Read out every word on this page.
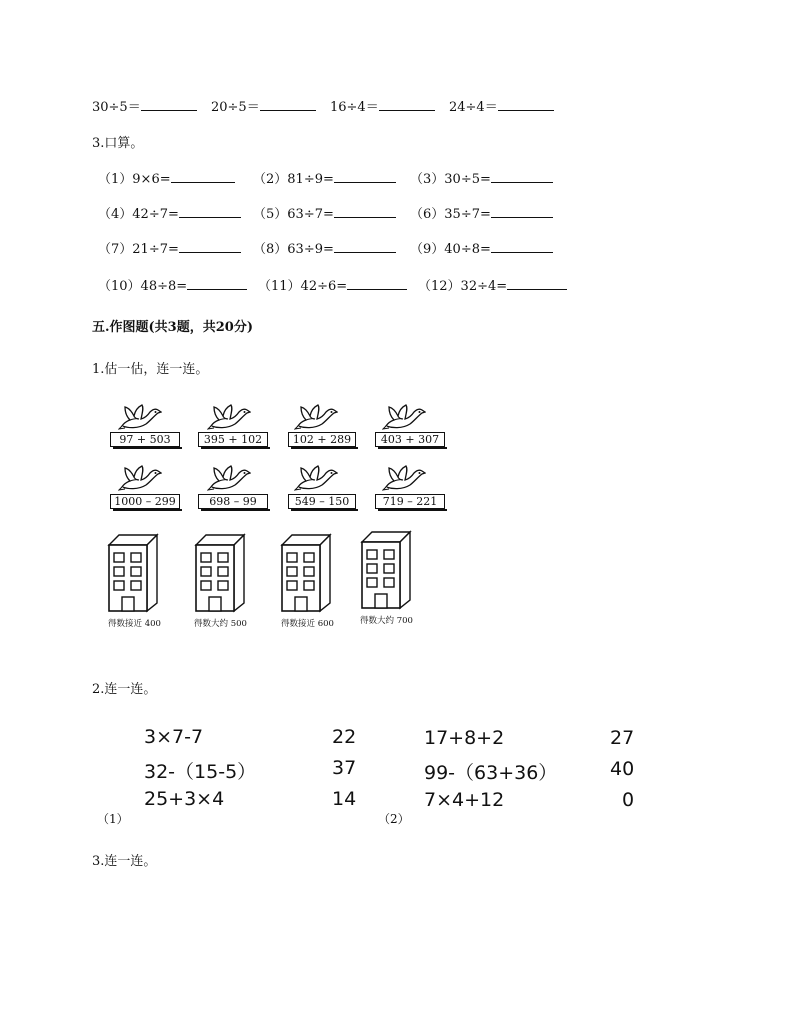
30÷5＝	20÷5＝	16÷4＝	24÷4＝
3.口算。
（1）9×6=	（2）81÷9=	（3）30÷5=
（4）42÷7=	（5）63÷7=	（6）35÷7=
（7）21÷7=	（8）63÷9=	（9）40÷8=
（10）48÷8=	（11）42÷6=	（12）32÷4=
五.作图题(共3题，共20分)
1.估一估，连一连。
97 + 503	395 + 102	102 + 289	403 + 307
1000 – 299	698 – 99	549 – 150	719 – 221
得数接近 400	得数大约 500	得数接近 600	得数大约 700
2.连一连。
3×7-7
32-（15-5）
25+3×4
22
37
14
（1）
17+8+2
99-（63+36）
7×4+12
27
40
0
（2）
3.连一连。
